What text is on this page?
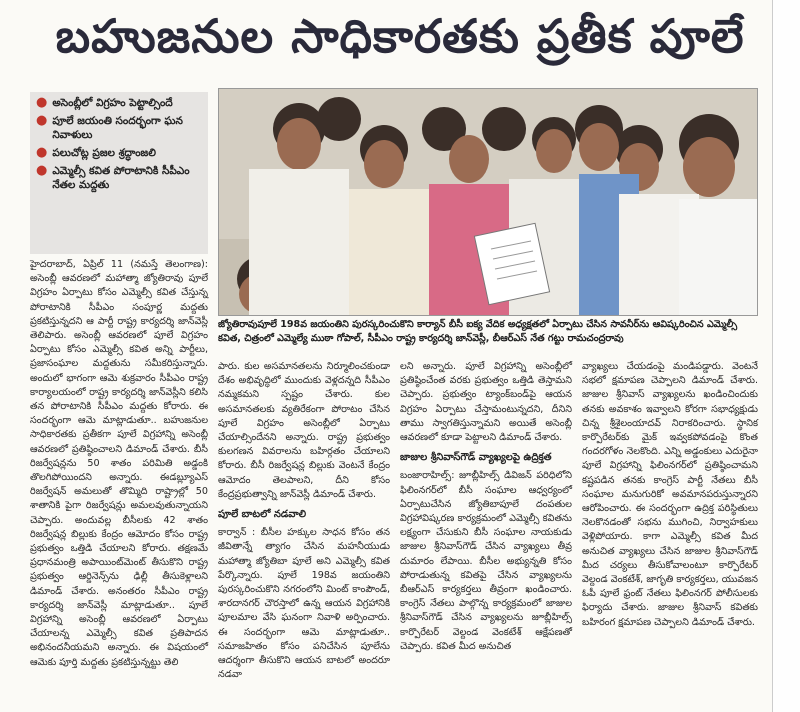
బహుజనుల సాధికారతకు ప్రతీక పూలే
● అసెంబ్లీలో విగ్రహం పెట్టాల్సిందే
● పూలే జయంతి సందర్భంగా ఘన నివాళులు
● పలుచోట్ల ప్రజల శ్రద్ధాంజలి
● ఎమ్మెల్సీ కవిత పోరాటానికి సీపీఎం నేతల మద్దతు
జ్యోతిరావుపూలే 198వ జయంతిని పురస్కరించుకొని కార్యాన్ బీసీ ఐక్య వేదిక అధ్యక్షతలో ఏర్పాటు చేసిన సావనీర్‌ను ఆవిష్కరించిన ఎమ్మెల్సీ కవిత, చిత్రంలో ఎమ్మెల్యే ముఠా గోపాల్, సీపీఎం రాష్ట్ర కార్యదర్శి జాన్‌వెస్లీ, బీఆర్‌ఎస్ నేత గట్టు రామచంద్రరావు

హైదరాబాద్, ఏప్రిల్ 11 (నమస్తే తెలంగాణ): అసెంబ్లీ ఆవరణలో మహాత్మా జ్యోతిరావు పూలే విగ్రహం ఏర్పాటు కోసం ఎమ్మెల్సీ కవిత చేస్తున్న పోరాటానికి సీపీఎం సంపూర్ణ మద్దతు ప్రకటిస్తున్నదని ఆ పార్టీ రాష్ట్ర కార్యదర్శి జాన్‌వెస్లీ తెలిపారు. అసెంబ్లీ ఆవరణలో పూలే విగ్రహం ఏర్పాటు కోసం ఎమ్మెల్సీ కవిత అన్ని పార్టీలు, ప్రజాసంఘాల మద్దతును సమీకరిస్తున్నారు. అందులో భాగంగా ఆమె శుక్రవారం సీపీఎం రాష్ట్ర కార్యాలయంలో రాష్ట్ర కార్యదర్శి జాన్‌వెస్లీని కలిసి తన పోరాటానికి సీపీఎం మద్దతు కోరారు. ఈ సందర్భంగా ఆమె మాట్లాడుతూ.. బహుజనుల సాధికారతకు ప్రతీకగా పూలే విగ్రహాన్ని అసెంబ్లీ ఆవరణలో ప్రతిష్ఠించాలని డిమాండ్ చేశారు. బీసీ రిజర్వేషన్లను 50 శాతం పరిమితి అడ్డంకి తొలగిపోయిందని అన్నారు. ఈడబ్ల్యూఎస్ రిజర్వేషన్ అమలుతో తొమ్మిది రాష్ట్రాల్లో 50 శాతానికి పైగా రిజర్వేషన్లు అమలవుతున్నాయని చెప్పారు. అందువల్ల బీసీలకు 42 శాతం రిజర్వేషన్ల బిల్లుకు కేంద్రం ఆమోదం కోసం రాష్ట్ర ప్రభుత్వం ఒత్తిడి చేయాలని కోరారు. తక్షణమే ప్రధానమంత్రి అపాయింట్‌మెంట్ తీసుకొని రాష్ట్ర ప్రభుత్వం ఆర్డినెన్స్‌ను ఢిల్లీ తీసుకెళ్లాలని డిమాండ్ చేశారు. అనంతరం సీపీఎం రాష్ట్ర కార్యదర్శి జాన్‌వెస్లీ మాట్లాడుతూ.. పూలే విగ్రహాన్ని అసెంబ్లీ ఆవరణలో ఏర్పాటు చేయాలన్న ఎమ్మెల్సీ కవిత ప్రతిపాదన అభినందనీయమని అన్నారు. ఈ విషయంలో ఆమెకు పూర్తి మద్దతు ప్రకటిస్తున్నట్టు తెలి

పారు. కుల అసమానతలను నిర్మూలించకుండా దేశం అభివృద్ధిలో ముందుకు వెళ్లదన్నది సీపీఎం నమ్మకమని స్పష్టం చేశారు. కుల అసమానతలకు వ్యతిరేకంగా పోరాటం చేసిన పూలే విగ్రహం అసెంబ్లీలో ఏర్పాటు చేయాల్సిందేనని అన్నారు. రాష్ట్ర ప్రభుత్వం కులగణన వివరాలను బహిర్గతం చేయాలని కోరారు. బీసీ రిజర్వేషన్ల బిల్లుకు వెంటనే కేంద్రం ఆమోదం తెలపాలని, దీని కోసం కేంద్రప్రభుత్వాన్ని జాన్‌వెస్లీ డిమాండ్ చేశారు.

పూలే బాటలో నడవాలి

కార్వాన్ : బీసీల హక్కుల సాధన కోసం తన జీవితాన్నే త్యాగం చేసిన మహనీయుడు మహాత్మా జ్యోతిబా పూలే అని ఎమ్మెల్సీ కవిత పేర్కొన్నారు. పూలే 198వ జయంతిని పురస్కరించుకొని నగరంలోని మింట్ కాంపౌండ్, శారదానగర్ చౌరస్తాలో ఉన్న ఆయన విగ్రహానికి పూలమాల వేసి ఘనంగా నివాళి అర్పించారు. ఈ సందర్భంగా ఆమె మాట్లాడుతూ.. సమాజహితం కోసం పనిచేసిన పూలేను ఆదర్శంగా తీసుకొని ఆయన బాటలో అందరూ నడవా

లని అన్నారు. పూలే విగ్రహాన్ని అసెంబ్లీలో ప్రతిష్ఠించేంత వరకు ప్రభుత్వం ఒత్తిడి తెస్తామని చెప్పారు. ప్రభుత్వం ట్యాంక్‌బండ్‌పై ఆయన విగ్రహం ఏర్పాటు చేస్తామంటున్నదని, దీనిని తాము స్వాగతిస్తున్నామని అయితే అసెంబ్లీ ఆవరణలో కూడా పెట్టాలని డిమాండ్ చేశారు.

జాజుల శ్రీనివాస్‌గౌడ్ వ్యాఖ్యలపై ఉద్రిక్తత

బంజారాహిల్స్: జూబ్లీహిల్స్ డివిజన్ పరిధిలోని ఫిలింనగర్‌లో బీసీ సంఘాల ఆధ్వర్యంలో ఏర్పాటుచేసిన జ్యోతిబాపూలే దంపతుల విగ్రహావిష్కరణ కార్యక్రమంలో ఎమ్మెల్సీ కవితను లక్ష్యంగా చేసుకుని బీసీ సంఘాల నాయకుడు జాజుల శ్రీనివాస్‌గౌడ్ చేసిన వ్యాఖ్యలు తీవ్ర దుమారం లేపాయి. బీసీల అభ్యున్నతి కోసం పోరాడుతున్న కవితపై చేసిన వ్యాఖ్యలను బీఆర్‌ఎస్ కార్యకర్తలు తీవ్రంగా ఖండించారు. కాంగ్రెస్ నేతలు పాల్గొన్న కార్యక్రమంలో జాజుల శ్రీనివాస్‌గౌడ్ చేసిన వ్యాఖ్యలను జూబ్లీహిల్స్ కార్పొరేటర్ వెల్దండ వెంకటేశ్ ఆక్షేపణతో చెప్పారు. కవిత మీద అనుచిత

వ్యాఖ్యలు చేయడంపై మండిపడ్డారు. వెంటనే సభలో క్షమాపణ చెప్పాలని డిమాండ్ చేశారు. జాజుల శ్రీనివాస్ వ్యాఖ్యలను ఖండించిందుకు తనకు అవకాశం ఇవ్వాలని కోరగా సభాధ్యక్షుడు చిన్న శ్రీశైలంయాదవ్ నిరాకరించారు. స్థానిక కార్పొరేటర్‌కు మైక్ ఇవ్వకపోవడంపై కొంత గందరగోళం నెలకొంది. ఎన్ని అడ్డంకులు ఎదురైనా పూలే విగ్రహాన్ని ఫిలింనగర్‌లో ప్రతిష్ఠించామని కష్టపడిన తనకు కాంగ్రెస్ పార్టీ నేతలు బీసీ సంఘాల మనుగురికో అవమానపరుస్తున్నారని ఆరోపించారు. ఈ సందర్భంగా ఉద్రిక్త పరిస్థితులు నెలకొనడంతో సభను ముగించి, నిర్వాహకులు వెళ్లిపోయారు. కాగా ఎమ్మెల్సీ కవిత మీద అనుచిత వ్యాఖ్యలు చేసిన జాజుల శ్రీనివాస్‌గౌడ్ మీద చర్యలు తీసుకోవాలంటూ కార్పొరేటర్ వెల్దండ వెంకటేశ్, జాగృతి కార్యకర్తలు, యువజన ఓపీ పూలే ఫ్రంట్ నేతలు ఫిలింనగర్ పోలీసులకు ఫిర్యాదు చేశారు. జాజుల శ్రీనివాస్ కవితకు బహిరంగ క్షమాపణ చెప్పాలని డిమాండ్ చేశారు.
